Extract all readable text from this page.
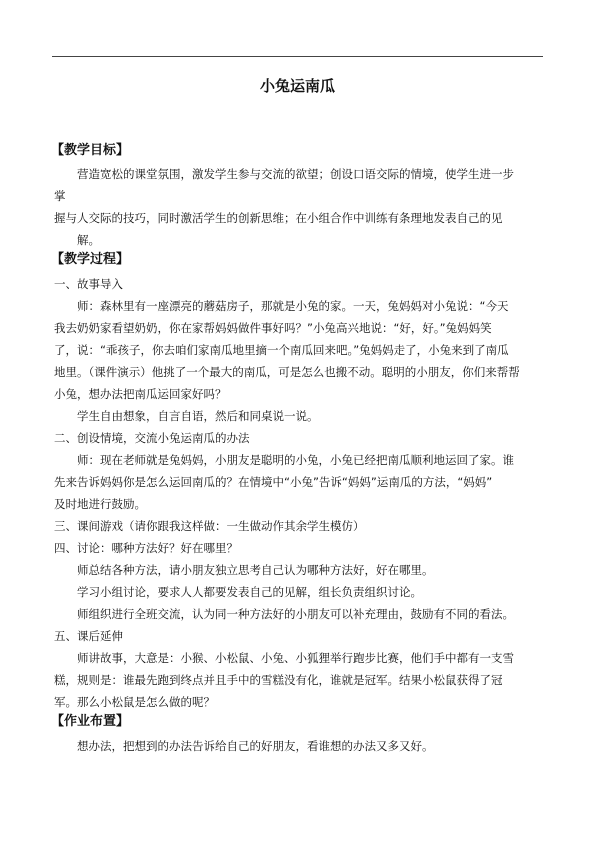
小兔运南瓜
【教学目标】
营造宽松的课堂氛围，激发学生参与交流的欲望；创设口语交际的情境，使学生进一步
掌
握与人交际的技巧，同时激活学生的创新思维；在小组合作中训练有条理地发表自己的见
解。
【教学过程】
一、故事导入
师：森林里有一座漂亮的蘑菇房子，那就是小兔的家。一天，兔妈妈对小兔说：“今天
我去奶奶家看望奶奶，你在家帮妈妈做件事好吗？”小兔高兴地说：“好，好。”兔妈妈笑
了，说：“乖孩子，你去咱们家南瓜地里摘一个南瓜回来吧。”兔妈妈走了，小兔来到了南瓜
地里。（课件演示）他挑了一个最大的南瓜，可是怎么也搬不动。聪明的小朋友，你们来帮帮
小兔，想办法把南瓜运回家好吗？
学生自由想象，自言自语，然后和同桌说一说。
二、创设情境，交流小兔运南瓜的办法
师：现在老师就是兔妈妈，小朋友是聪明的小兔，小兔已经把南瓜顺利地运回了家。谁
先来告诉妈妈你是怎么运回南瓜的？在情境中“小兔”告诉“妈妈”运南瓜的方法，“妈妈”
及时地进行鼓励。
三、课间游戏（请你跟我这样做：一生做动作其余学生模仿）
四、讨论：哪种方法好？好在哪里？
师总结各种方法，请小朋友独立思考自己认为哪种方法好，好在哪里。
学习小组讨论，要求人人都要发表自己的见解，组长负责组织讨论。
师组织进行全班交流，认为同一种方法好的小朋友可以补充理由，鼓励有不同的看法。
五、课后延伸
师讲故事，大意是：小猴、小松鼠、小兔、小狐狸举行跑步比赛，他们手中都有一支雪
糕，规则是：谁最先跑到终点并且手中的雪糕没有化，谁就是冠军。结果小松鼠获得了冠
军。那么小松鼠是怎么做的呢？
【作业布置】
想办法，把想到的办法告诉给自己的好朋友，看谁想的办法又多又好。
